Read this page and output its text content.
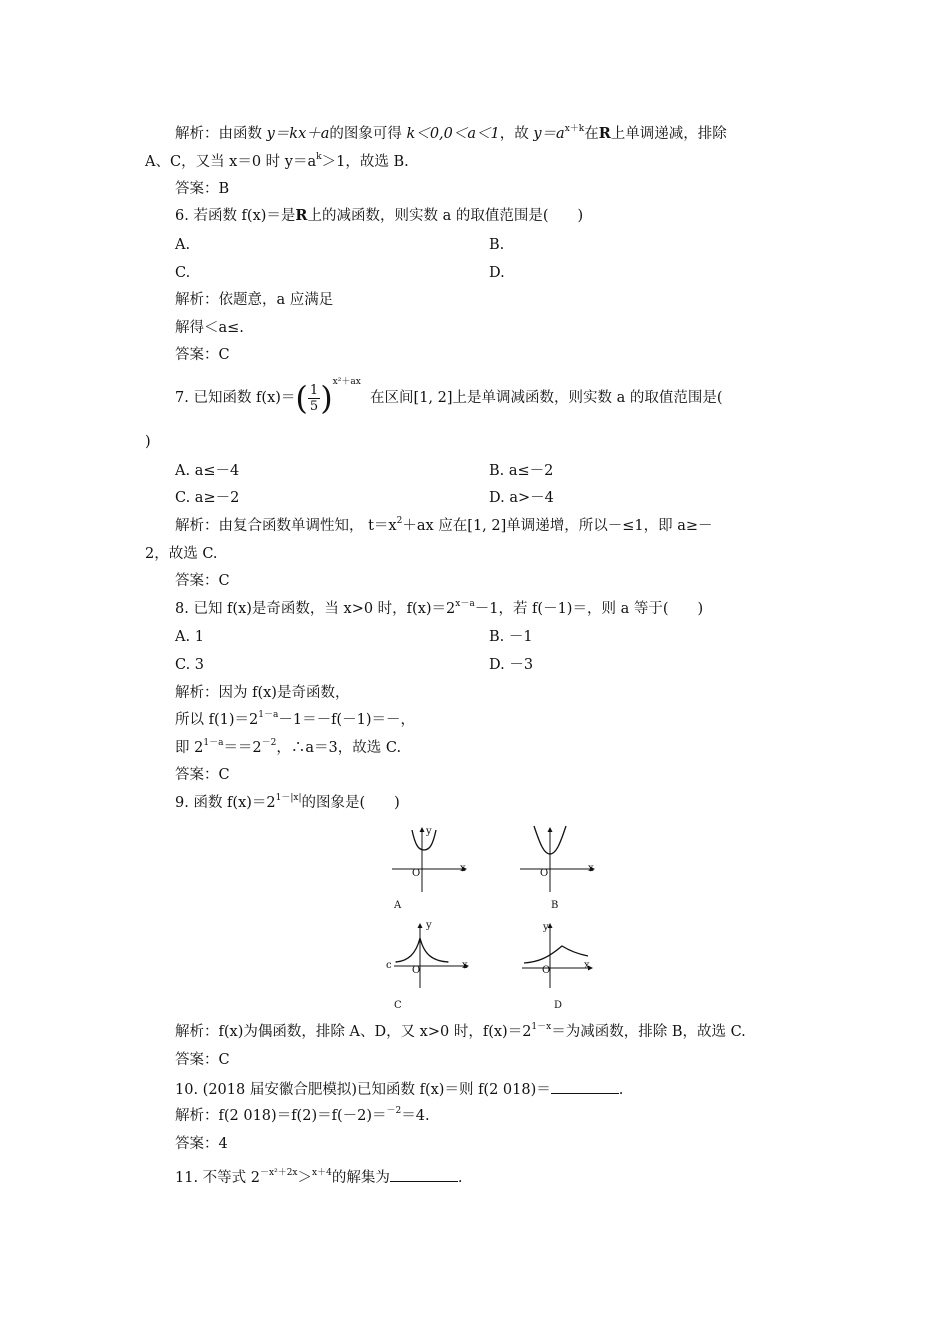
解析：由函数 y＝kx＋a的图象可得 k＜0,0＜a＜1，故 $y=a^{x+k}$在R上单调递减，排除
A、C，又当 x＝0 时 $y=a^k>1$，故选 B.
答案：B
6. 若函数 f(x)＝是R上的减函数，则实数 a 的取值范围是(　　)
A.	B.
C.	D.
解析：依题意，a 应满足
解得＜a≤.
答案：C
7. 已知函数 $f(x)=( \frac{1}{5} )^{x^2+ax}$  在区间[1, 2]上是单调减函数，则实数 a 的取值范围是(
)
A. a≤－4	B. a≤－2
C. a≥－2	D. a>－4
解析：由复合函数单调性知， $t=x^2+ax$ 应在[1, 2]单调递增，所以－≤1，即 a≥－
2，故选 C.
答案：C
8. 已知 f(x)是奇函数，当 x>0 时，$f(x)=2^{x-a}-1$，若 f(－1)＝，则 a 等于(　　)
A. 1	B. －1
C. 3	D. －3
解析：因为 f(x)是奇函数，
所以 $f(1)=2^{1-a}-1=-f(-1)=-$，
即 $2^{1-a}==2^{-2}$，∴a＝3，故选 C.
答案：C
9. 函数 $f(x)=2^{1-|x|}$的图象是(　　)
y
x
O
A
x
O
B
y
c	x
O
C
y
x
O
D
解析：f(x)为偶函数，排除 A、D，又 x>0 时，$f(x)=2^{1-x}=$为减函数，排除 B，故选 C.
答案：C
10. (2018 届安徽合肥模拟)已知函数 f(x)＝则 f(2 018)＝	.
解析：f(2 018)＝f(2)＝f(－2)＝$^{-2}$＝4.
答案：4
11. 不等式 $2^{-x^2+2x}>^{x+4}$的解集为	.
